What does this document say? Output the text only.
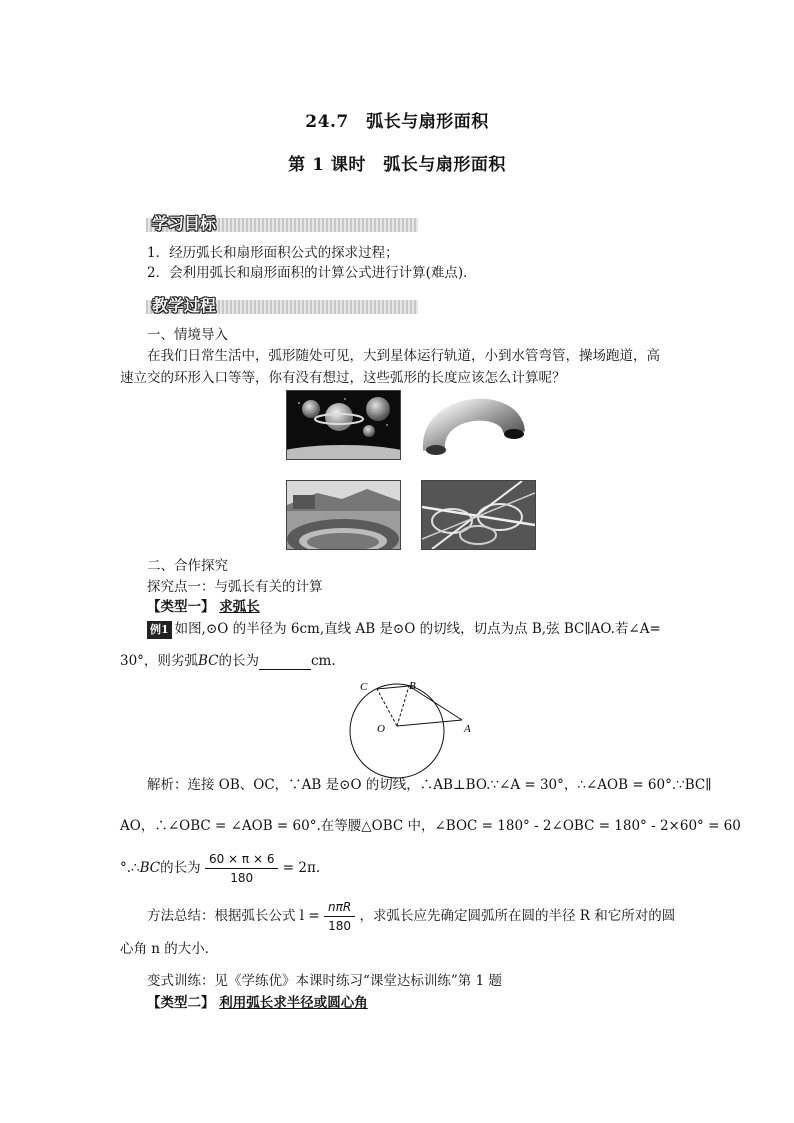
24.7　弧长与扇形面积
第 1 课时　弧长与扇形面积
学习目标
1．经历弧长和扇形面积公式的探求过程；
2．会利用弧长和扇形面积的计算公式进行计算(难点)．
教学过程
一、情境导入
在我们日常生活中，弧形随处可见，大到星体运行轨道，小到水管弯管，操场跑道，高
速立交的环形入口等等，你有没有想过，这些弧形的长度应该怎么计算呢？
二、合作探究
探究点一：与弧长有关的计算
【类型一】 求弧长
例1 如图,⊙O 的半径为 6cm,直线 AB 是⊙O 的切线，切点为点 B,弦 BC∥AO.若∠A=
30°，则劣弧BC的长为	cm.
C	B
O	A
解析：连接 OB、OC，∵AB 是⊙O 的切线，∴AB⊥BO.∵∠A = 30°，∴∠AOB = 60°.∵BC∥
AO，∴∠OBC = ∠AOB = 60°.在等腰△OBC 中，∠BOC = 180° - 2∠OBC = 180° - 2×60° = 60
°.∴BC的长为 $\frac{60 \times \pi \times 6}{180} = 2\pi$.
方法总结：根据弧长公式 $l = \frac{\text{nπR}}{180}$ ，求弧长应先确定圆弧所在圆的半径 R 和它所对的圆
心角 n 的大小．
变式训练：见《学练优》本课时练习“课堂达标训练”第 1 题
【类型二】 利用弧长求半径或圆心角
